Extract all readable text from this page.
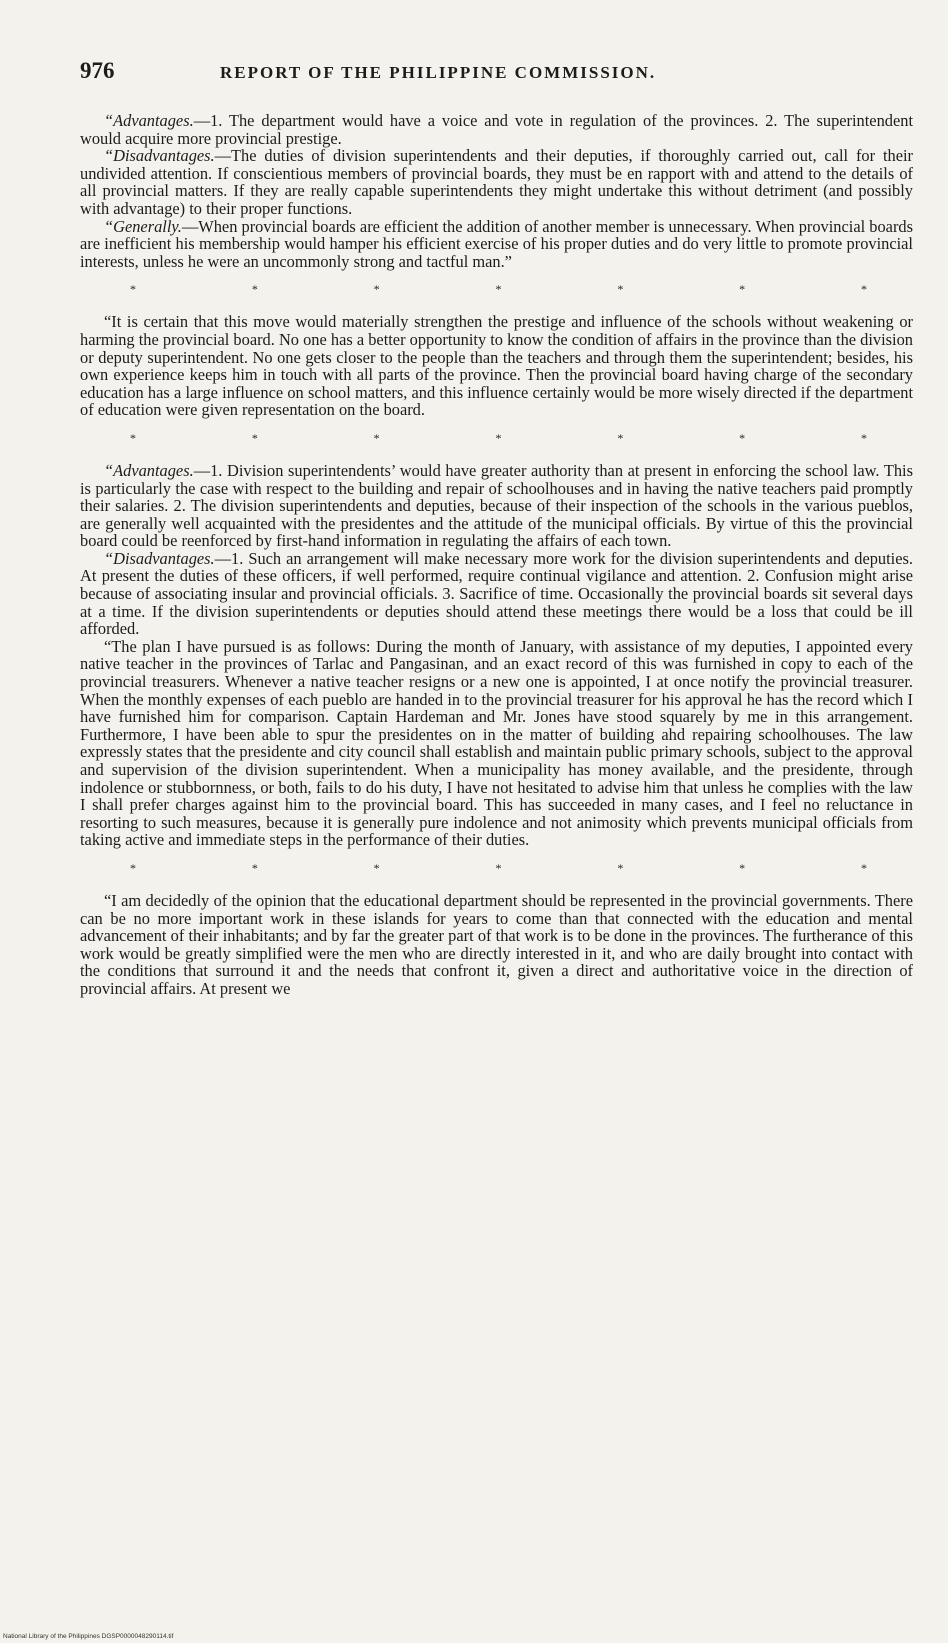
976	REPORT OF THE PHILIPPINE COMMISSION.

“Advantages.—1. The department would have a voice and vote in regulation of the provinces. 2. The superintendent would acquire more provincial prestige.

“Disadvantages.—The duties of division superintendents and their deputies, if thoroughly carried out, call for their undivided attention. If conscientious members of provincial boards, they must be en rapport with and attend to the details of all provincial matters. If they are really capable superintendents they might undertake this without detriment (and possibly with advantage) to their proper functions.

“Generally.—When provincial boards are efficient the addition of another member is unnecessary. When provincial boards are inefficient his membership would hamper his efficient exercise of his proper duties and do very little to promote provincial interests, unless he were an uncommonly strong and tactful man.”

*	*	*	*	*	*	*

“It is certain that this move would materially strengthen the prestige and influence of the schools without weakening or harming the provincial board. No one has a better opportunity to know the condition of affairs in the province than the division or deputy superintendent. No one gets closer to the people than the teachers and through them the superintendent; besides, his own experience keeps him in touch with all parts of the province. Then the provincial board having charge of the secondary education has a large influence on school matters, and this influence certainly would be more wisely directed if the department of education were given representation on the board.

*	*	*	*	*	*	*

“Advantages.—1. Division superintendents’ would have greater authority than at present in enforcing the school law. This is particularly the case with respect to the building and repair of schoolhouses and in having the native teachers paid promptly their salaries. 2. The division superintendents and deputies, because of their inspection of the schools in the various pueblos, are generally well acquainted with the presidentes and the attitude of the municipal officials. By virtue of this the provincial board could be reenforced by first-hand information in regulating the affairs of each town.

“Disadvantages.—1. Such an arrangement will make necessary more work for the division superintendents and deputies. At present the duties of these officers, if well performed, require continual vigilance and attention. 2. Confusion might arise because of associating insular and provincial officials. 3. Sacrifice of time. Occasionally the provincial boards sit several days at a time. If the division superintendents or deputies should attend these meetings there would be a loss that could be ill afforded.

“The plan I have pursued is as follows: During the month of January, with assistance of my deputies, I appointed every native teacher in the provinces of Tarlac and Pangasinan, and an exact record of this was furnished in copy to each of the provincial treasurers. Whenever a native teacher resigns or a new one is appointed, I at once notify the provincial treasurer. When the monthly expenses of each pueblo are handed in to the provincial treasurer for his approval he has the record which I have furnished him for comparison. Captain Hardeman and Mr. Jones have stood squarely by me in this arrangement. Furthermore, I have been able to spur the presidentes on in the matter of building ahd repairing schoolhouses. The law expressly states that the presidente and city council shall establish and maintain public primary schools, subject to the approval and supervision of the division superintendent. When a municipality has money available, and the presidente, through indolence or stubbornness, or both, fails to do his duty, I have not hesitated to advise him that unless he complies with the law I shall prefer charges against him to the provincial board. This has succeeded in many cases, and I feel no reluctance in resorting to such measures, because it is generally pure indolence and not animosity which prevents municipal officials from taking active and immediate steps in the performance of their duties.

*	*	*	*	*	*	*

“I am decidedly of the opinion that the educational department should be represented in the provincial governments. There can be no more important work in these islands for years to come than that connected with the education and mental advancement of their inhabitants; and by far the greater part of that work is to be done in the provinces. The furtherance of this work would be greatly simplified were the men who are directly interested in it, and who are daily brought into contact with the conditions that surround it and the needs that confront it, given a direct and authoritative voice in the direction of provincial affairs. At present we

National Library of the Philippines DGSP0000048290114.tif
